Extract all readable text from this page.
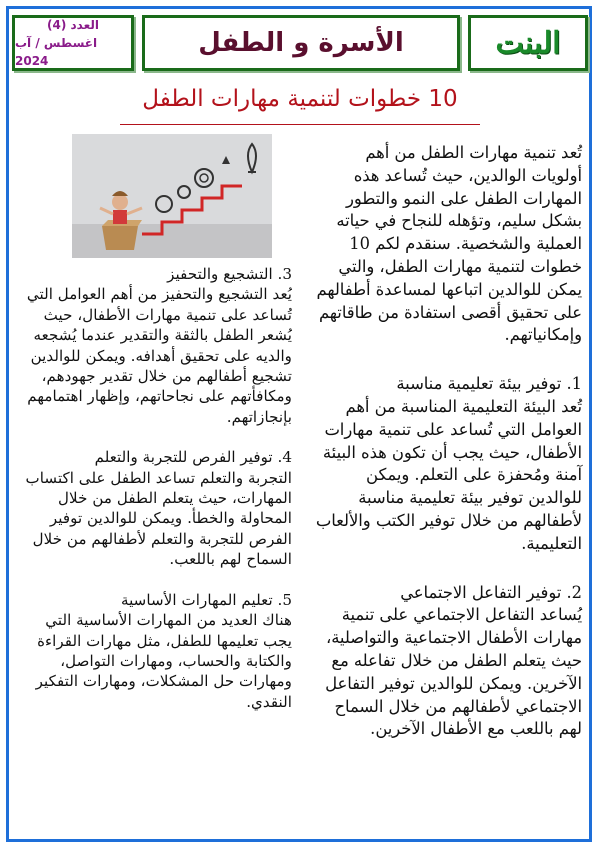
العدد (4)
اغسطس / آب 2024
الأسرة و الطفل	البنت
10 خطوات لتنمية مهارات الطفل

تُعد تنمية مهارات الطفل من أهم أولويات الوالدين، حيث تُساعد هذه المهارات الطفل على النمو والتطور بشكل سليم، وتؤهله للنجاح في حياته العملية والشخصية. سنقدم لكم 10 خطوات لتنمية مهارات الطفل، والتي يمكن للوالدين اتباعها لمساعدة أطفالهم على تحقيق أقصى استفادة من طاقاتهم وإمكانياتهم.

1. توفير بيئة تعليمية مناسبة

تُعد البيئة التعليمية المناسبة من أهم العوامل التي تُساعد على تنمية مهارات الأطفال، حيث يجب أن تكون هذه البيئة آمنة ومُحفزة على التعلم. ويمكن للوالدين توفير بيئة تعليمية مناسبة لأطفالهم من خلال توفير الكتب والألعاب التعليمية.

2. توفير التفاعل الاجتماعي

يُساعد التفاعل الاجتماعي على تنمية مهارات الأطفال الاجتماعية والتواصلية، حيث يتعلم الطفل من خلال تفاعله مع الآخرين. ويمكن للوالدين توفير التفاعل الاجتماعي لأطفالهم من خلال السماح لهم باللعب مع الأطفال الآخرين.

3. التشجيع والتحفيز

يُعد التشجيع والتحفيز من أهم العوامل التي تُساعد على تنمية مهارات الأطفال، حيث يُشعر الطفل بالثقة والتقدير عندما يُشجعه والديه على تحقيق أهدافه. ويمكن للوالدين تشجيع أطفالهم من خلال تقدير جهودهم، ومكافأتهم على نجاحاتهم، وإظهار اهتمامهم بإنجازاتهم.

4. توفير الفرص للتجربة والتعلم

التجربة والتعلم تساعد الطفل على اكتساب المهارات، حيث يتعلم الطفل من خلال المحاولة والخطأ. ويمكن للوالدين توفير الفرص للتجربة والتعلم لأطفالهم من خلال السماح لهم باللعب.

5. تعليم المهارات الأساسية

هناك العديد من المهارات الأساسية التي يجب تعليمها للطفل، مثل مهارات القراءة والكتابة والحساب، ومهارات التواصل، ومهارات حل المشكلات، ومهارات التفكير النقدي.
